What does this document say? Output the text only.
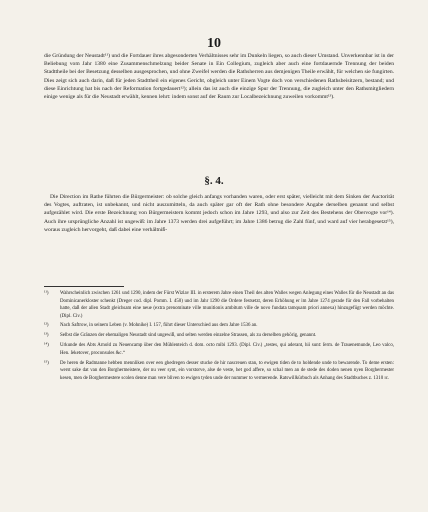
10

die Gründung der Neustadt¹¹) und die Fortdauer ihres abgesonderten Verhältnisses sehr im Dunkeln liegen, so auch dieser Umstand. Unverkennbar ist in der Beliebung vom Jahr 1380 eine Zusammenschmelzung beider Senate in Ein Collegium, zugleich aber auch eine fortdauernde Trennung der beiden Stadttheile bei der Besetzung desselben ausgesprochen, und ohne Zweifel werden die Rathsherren aus demjenigen Theile erwählt, für welchen sie fungirten. Dies zeigt sich auch darin, daß für jeden Stadttheil ein eigenes Gericht, obgleich unter Einem Vogte doch von verschiedenen Rathsbeisitzern, bestand; und diese Einrichtung hat bis nach der Reformation fortgedauert¹²); allein das ist auch die einzige Spur der Trennung, die zugleich unter den Rathsmitgliedern einige wenige als für die Neustadt erwählt, kennen lehrt: indem sonst auf der Raum zur Localbezeichnung zuweilen vorkommt¹³).

§. 4.

Die Direction im Rathe führten die Bürgermeister: ob solche gleich anfangs vorhanden waren, oder erst später, vielleicht mit dem Sinken der Auctorität des Vogtes, auftraten, ist unbekannt, und nicht auszumitteln, da auch später gar oft der Rath ohne besondere Angabe derselben genannt und selbst aufgezählet wird. Die erste Bezeichnung von Bürgermeistern kommt jedoch schon im Jahre 1293, und also zur Zeit des Bestehens der Obervogte vor¹⁴). Auch ihre ursprüngliche Anzahl ist ungewiß: im Jahre 1373 werden drei aufgeführt; im Jahre 1386 betrug die Zahl fünf, und ward auf vier herabgesetzt¹⁵), woraus zugleich hervorgeht, daß dabei eine verhältniß-

¹¹)	Wahrscheinlich zwischen 1261 und 1290, indem der Fürst Wizlav III. in ersterem Jahre einen Theil des alten Walles wegen Anlegung eines Walles für die Neustadt an das Dominicanerkloster schenkt (Dreger cod. dipl. Pomm. I. 450) und im Jahr 1290 die Ordere festsetzt, deren Erhöhung er im Jahre 1274 gerade für den Fall vorbehalten hatte, daß der allen Stadt gleichsam eine neue (extra prenominate ville munitionis ambitum ville de novo fundata tamquam priori annexa) hinzugefügt werden möchte. (Dipl. Civ.)
¹²)	Nach Saftrow, in seinem Leben (v. Mohnike) I. 157, führt dieser Unterschied aus dem Jahre 1536 an.
¹³)	Selbst die Gränzen der ehemaligen Neustadt sind ungewiß, und selten werden einzelne Strassen, als zu derselben gehörig, genannt.
¹⁴)	Urkunde des Abts Arnold zu Neuencamp über den Mühlenteich d. dom. octo mibi 1293. (Dipl. Civ.) „testes, qui aderant, hii sunt: ſerm. de Trauenemunde, Leo valco, Hen. ſeketover, proconsules &c.“
¹⁵)	De heren de Radmanne hebben mennliken over een ghedregen desser stucke de hir nascreuen stan, to ewigen tiden de to holdende unde to bewarende. To deme ersten: werst sake dat van den Borghermeistere, der nu veer synt, ein vorstorve, alse de veste, het god affere, so schal men an de stede des doden nenen nyen Borghermester kesen, men de Borghermestere scolen denne man vere bliven to ewigen tyden unde der nummer to vermerende. Ratswillkürbuch als Anhang des Stadtbuches z. 1310 ɪc.
